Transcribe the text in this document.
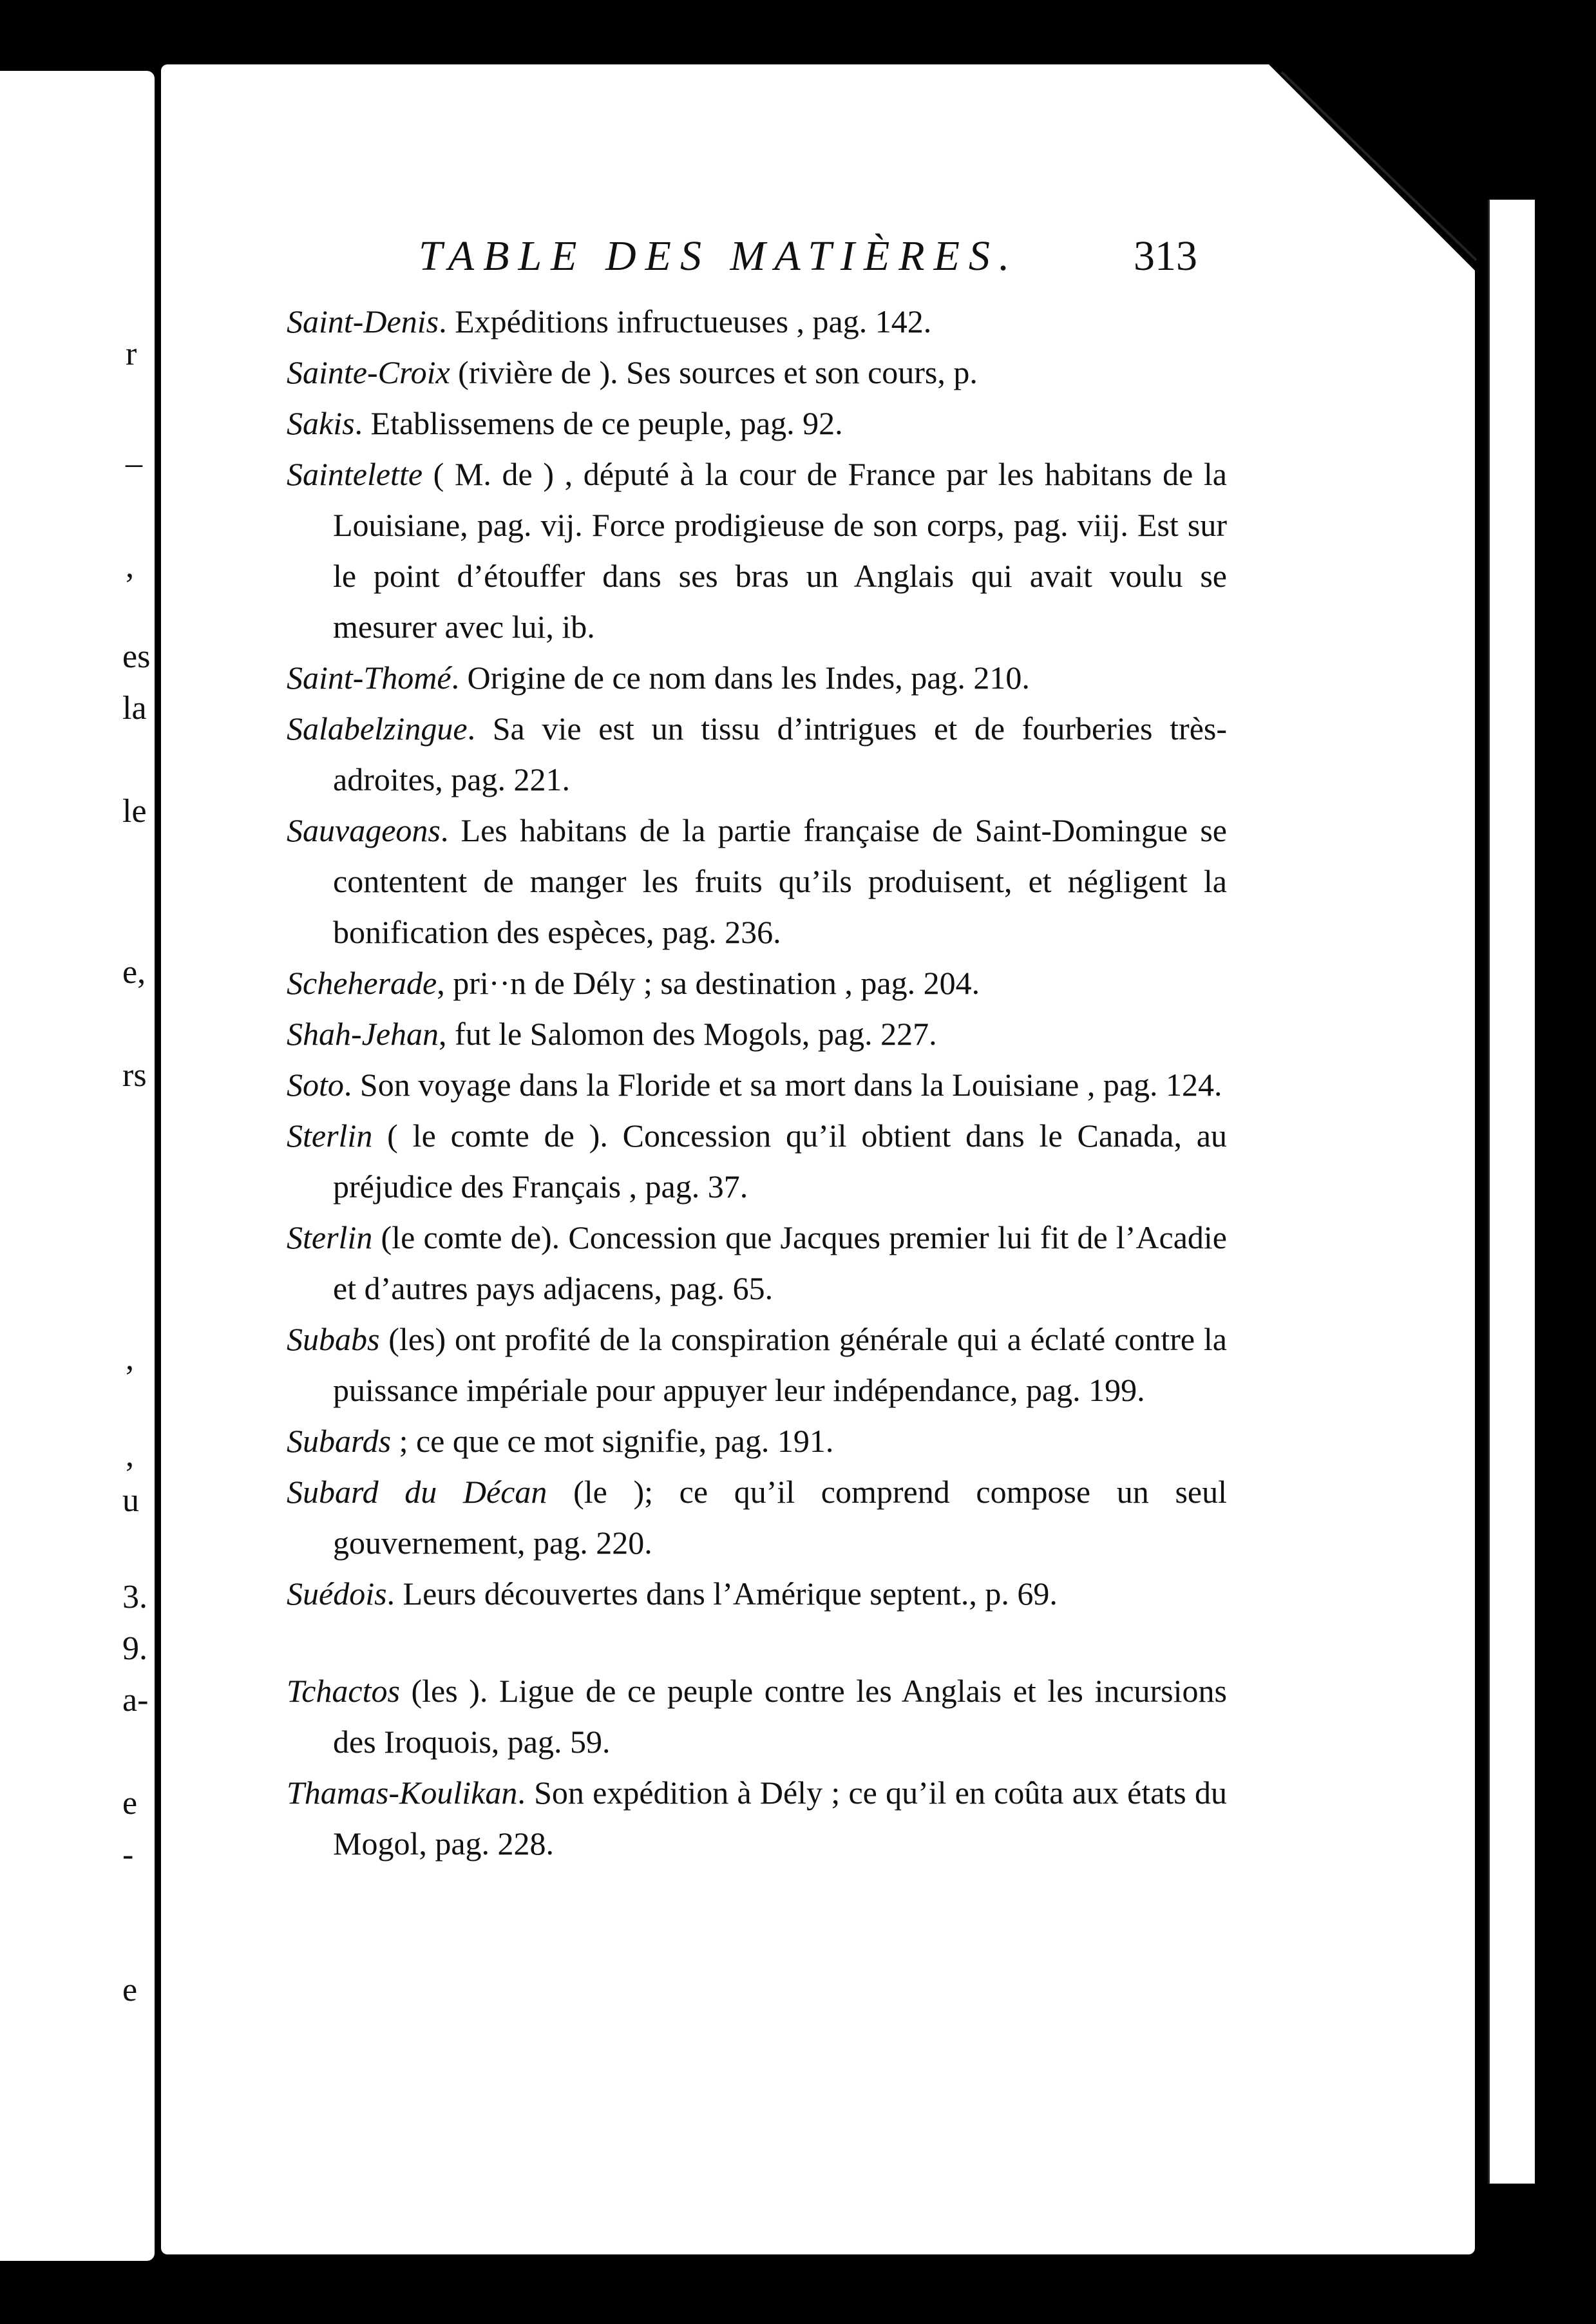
r
–
,
es
la
le
e,
rs
,
,
u
3.
9.
a-
e
-
e
TABLE DES MATIÈRES.	313

Saint-Denis. Expéditions infructueuses , pag. 142.

Sainte-Croix (rivière de ). Ses sources et son cours, p.

Sakis. Etablissemens de ce peuple, pag. 92.

Saintelette ( M. de ) , député à la cour de France par les habitans de la Louisiane, pag. vij. Force prodigieuse de son corps, pag. viij. Est sur le point d’étouffer dans ses bras un Anglais qui avait voulu se mesurer avec lui, ib.

Saint-Thomé. Origine de ce nom dans les Indes, pag. 210.

Salabelzingue. Sa vie est un tissu d’intrigues et de fourberies très-adroites, pag. 221.

Sauvageons. Les habitans de la partie française de Saint-Domingue se contentent de manger les fruits qu’ils produisent, et négligent la bonification des espèces, pag. 236.

Scheherade, pri··n de Dély ; sa destination , pag. 204.

Shah-Jehan, fut le Salomon des Mogols, pag. 227.

Soto. Son voyage dans la Floride et sa mort dans la Louisiane , pag. 124.

Sterlin ( le comte de ). Concession qu’il obtient dans le Canada, au préjudice des Français , pag. 37.

Sterlin (le comte de). Concession que Jacques premier lui fit de l’Acadie et d’autres pays adjacens, pag. 65.

Subabs (les) ont profité de la conspiration générale qui a éclaté contre la puissance impériale pour appuyer leur indépendance, pag. 199.

Subards ; ce que ce mot signifie, pag. 191.

Subard du Décan (le ); ce qu’il comprend compose un seul gouvernement, pag. 220.

Suédois. Leurs découvertes dans l’Amérique septent., p. 69.

Tchactos (les ). Ligue de ce peuple contre les Anglais et les incursions des Iroquois, pag. 59.

Thamas-Koulikan. Son expédition à Dély ; ce qu’il en coûta aux états du Mogol, pag. 228.
